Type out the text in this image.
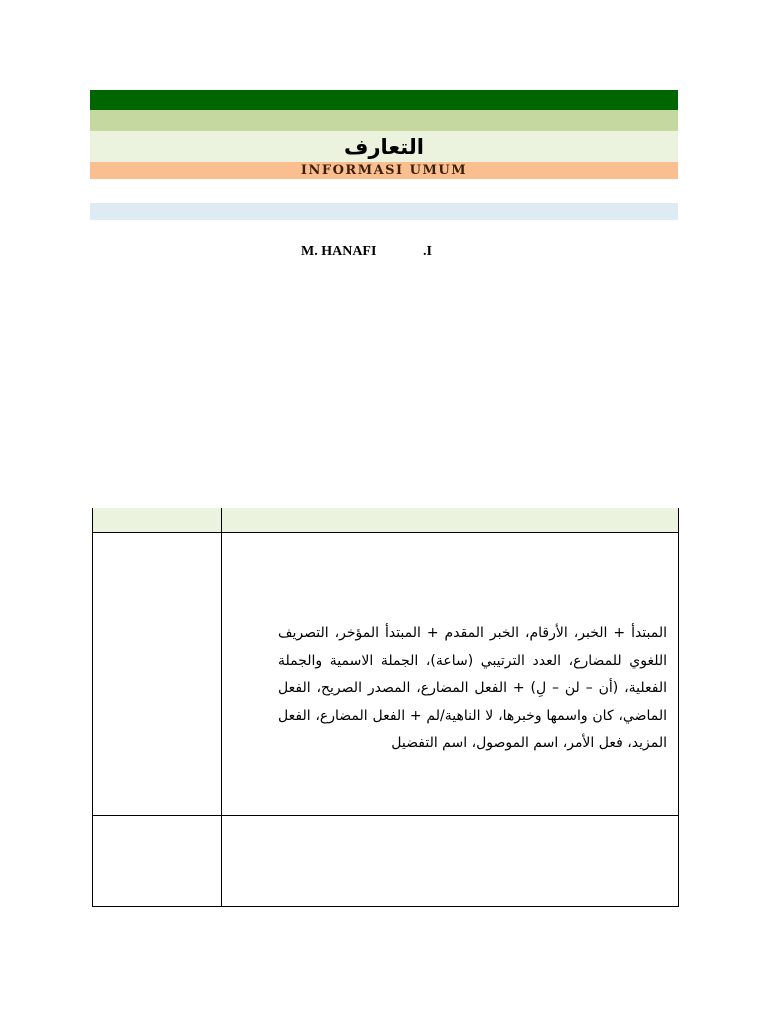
التعارف
INFORMASI UMUM
M. HANAFI	.I

	المبتدأ + الخبر، الأرقام، الخبر المقدم + المبتدأ المؤخر، التصريف اللغوي للمضارع، العدد الترتيبي (ساعة)، الجملة الاسمية والجملة الفعلية، (أن – لن – لِ) + الفعل المضارع، المصدر الصريح، الفعل الماضي، كان واسمها وخبرها، لا الناهية/لم + الفعل المضارع، الفعل المزيد، فعل الأمر، اسم الموصول، اسم التفضيل
